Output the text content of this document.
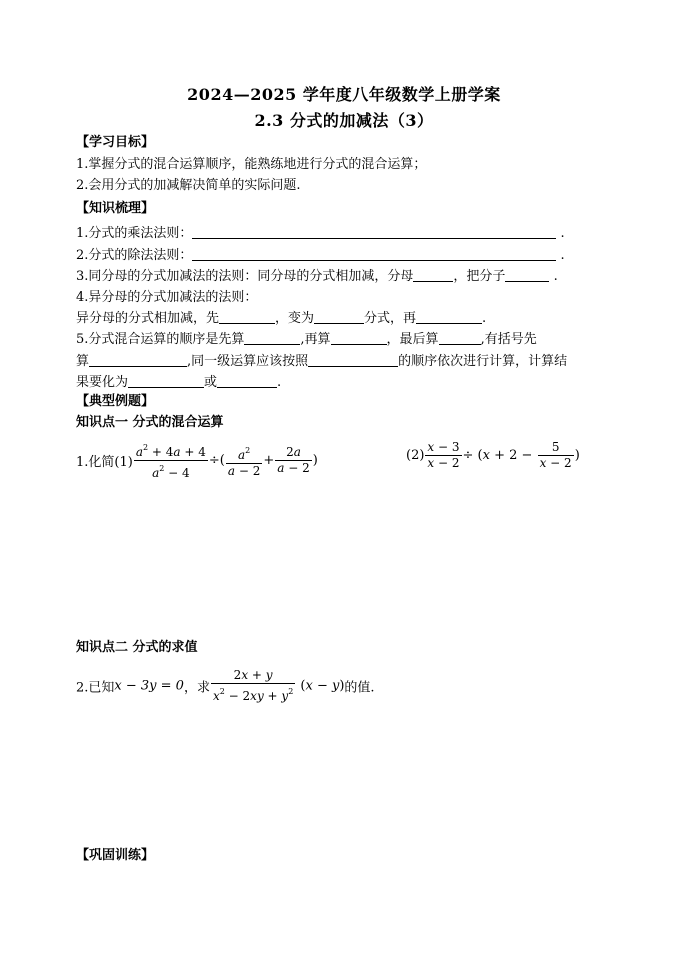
2024—2025 学年度八年级数学上册学案
2.3 分式的加减法（3）
【学习目标】
1.掌握分式的混合运算顺序，能熟练地进行分式的混合运算；
2.会用分式的加减解决简单的实际问题.
【知识梳理】
1.分式的乘法法则：	.
2.分式的除法法则：	.
3.同分母的分式加减法的法则：同分母的分式相加减，分母	，把分子	.
4.异分母的分式加减法的法则：
异分母的分式相加减，先	，变为	分式，再	.
5.分式混合运算的顺序是先算	,再算	，最后算	,有括号先
算	,同一级运算应该按照	的顺序依次进行计算，计算结
果要化为	或	.
【典型例题】
知识点一 分式的混合运算
1.化简$(1) \frac{a^2 + 4a + 4}{a^2 - 4}$ ÷( $\frac{a^2}{a - 2} + \frac{2a}{a - 2}$ )	$(2) \frac{x - 3}{x - 2} \div (x + 2 - \frac{5}{x - 2}$ )
知识点二 分式的求值
2.已知x − 3y = 0，求 $\frac{2x + y}{x^2 - 2xy + y^2} (x - y)$的值.
【巩固训练】
